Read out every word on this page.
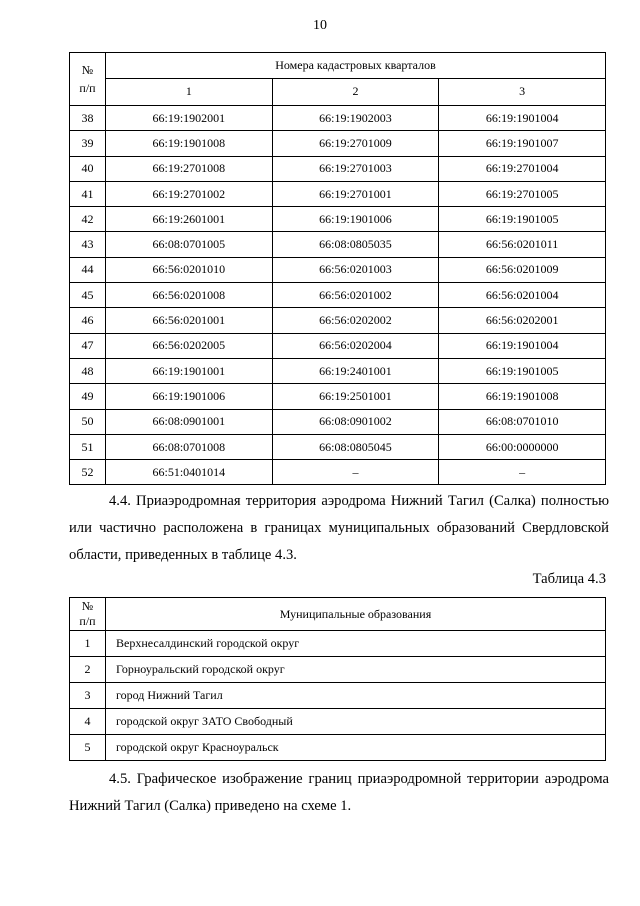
10
№
п/п	Номера кадастровых кварталов		
	1	2	3
38	66:19:1902001	66:19:1902003	66:19:1901004
39	66:19:1901008	66:19:2701009	66:19:1901007
40	66:19:2701008	66:19:2701003	66:19:2701004
41	66:19:2701002	66:19:2701001	66:19:2701005
42	66:19:2601001	66:19:1901006	66:19:1901005
43	66:08:0701005	66:08:0805035	66:56:0201011
44	66:56:0201010	66:56:0201003	66:56:0201009
45	66:56:0201008	66:56:0201002	66:56:0201004
46	66:56:0201001	66:56:0202002	66:56:0202001
47	66:56:0202005	66:56:0202004	66:19:1901004
48	66:19:1901001	66:19:2401001	66:19:1901005
49	66:19:1901006	66:19:2501001	66:19:1901008
50	66:08:0901001	66:08:0901002	66:08:0701010
51	66:08:0701008	66:08:0805045	66:00:0000000
52	66:51:0401014	–	–
4.4. Приаэродромная территория аэродрома Нижний Тагил (Салка) полностью или частично расположена в границах муниципальных образований Свердловской области, приведенных в таблице 4.3.
Таблица 4.3
№
п/п	Муниципальные образования
1	Верхнесалдинский городской округ
2	Горноуральский городской округ
3	город Нижний Тагил
4	городской округ ЗАТО Свободный
5	городской округ Красноуральск
4.5. Графическое изображение границ приаэродромной территории аэродрома Нижний Тагил (Салка) приведено на схеме 1.
